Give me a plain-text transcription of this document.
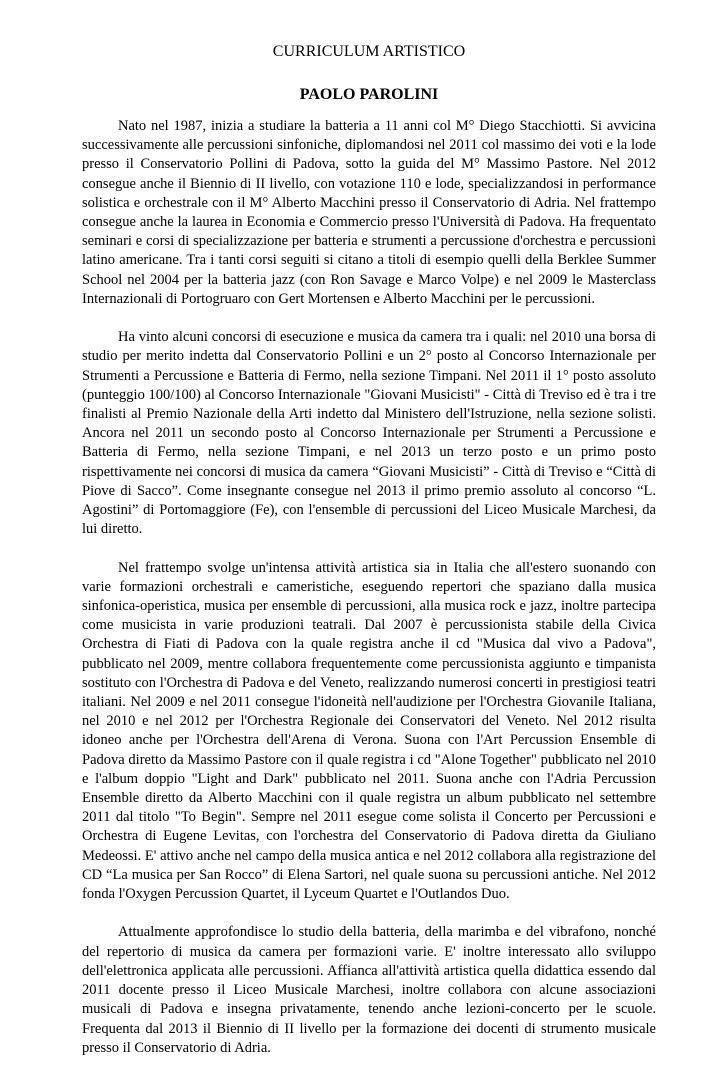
CURRICULUM ARTISTICO
PAOLO PAROLINI

Nato nel 1987, inizia a studiare la batteria a 11 anni col M° Diego Stacchiotti. Si avvicina successivamente alle percussioni sinfoniche, diplomandosi nel 2011 col massimo dei voti e la lode presso il Conservatorio Pollini di Padova, sotto la guida del M° Massimo Pastore. Nel 2012 consegue anche il Biennio di II livello, con votazione 110 e lode, specializzandosi in performance solistica e orchestrale con il M° Alberto Macchini presso il Conservatorio di Adria. Nel frattempo consegue anche la laurea in Economia e Commercio presso l'Università di Padova. Ha frequentato seminari e corsi di specializzazione per batteria e strumenti a percussione d'orchestra e percussioni latino americane. Tra i tanti corsi seguiti si citano a titoli di esempio quelli della Berklee Summer School nel 2004 per la batteria jazz (con Ron Savage e Marco Volpe) e nel 2009 le Masterclass Internazionali di Portogruaro con Gert Mortensen e Alberto Macchini per le percussioni.

Ha vinto alcuni concorsi di esecuzione e musica da camera tra i quali: nel 2010 una borsa di studio per merito indetta dal Conservatorio Pollini e un 2° posto al Concorso Internazionale per Strumenti a Percussione e Batteria di Fermo, nella sezione Timpani. Nel 2011 il 1° posto assoluto (punteggio 100/100) al Concorso Internazionale "Giovani Musicisti" - Città di Treviso ed è tra i tre finalisti al Premio Nazionale della Arti indetto dal Ministero dell'Istruzione, nella sezione solisti. Ancora nel 2011 un secondo posto al Concorso Internazionale per Strumenti a Percussione e Batteria di Fermo, nella sezione Timpani, e nel 2013 un terzo posto e un primo posto rispettivamente nei concorsi di musica da camera “Giovani Musicisti” - Città di Treviso e “Città di Piove di Sacco”. Come insegnante consegue nel 2013 il primo premio assoluto al concorso “L. Agostini” di Portomaggiore (Fe), con l'ensemble di percussioni del Liceo Musicale Marchesi, da lui diretto.

Nel frattempo svolge un'intensa attività artistica sia in Italia che all'estero suonando con varie formazioni orchestrali e cameristiche, eseguendo repertori che spaziano dalla musica sinfonica-operistica, musica per ensemble di percussioni, alla musica rock e jazz, inoltre partecipa come musicista in varie produzioni teatrali. Dal 2007 è percussionista stabile della Civica Orchestra di Fiati di Padova con la quale registra anche il cd "Musica dal vivo a Padova", pubblicato nel 2009, mentre collabora frequentemente come percussionista aggiunto e timpanista sostituto con l'Orchestra di Padova e del Veneto, realizzando numerosi concerti in prestigiosi teatri italiani. Nel 2009 e nel 2011 consegue l'idoneità nell'audizione per l'Orchestra Giovanile Italiana, nel 2010 e nel 2012 per l'Orchestra Regionale dei Conservatori del Veneto. Nel 2012 risulta idoneo anche per l'Orchestra dell'Arena di Verona. Suona con l'Art Percussion Ensemble di Padova diretto da Massimo Pastore con il quale registra i cd "Alone Together" pubblicato nel 2010 e l'album doppio "Light and Dark" pubblicato nel 2011. Suona anche con l'Adria Percussion Ensemble diretto da Alberto Macchini con il quale registra un album pubblicato nel settembre 2011 dal titolo "To Begin". Sempre nel 2011 esegue come solista il Concerto per Percussioni e Orchestra di Eugene Levitas, con l'orchestra del Conservatorio di Padova diretta da Giuliano Medeossi. E' attivo anche nel campo della musica antica e nel 2012 collabora alla registrazione del CD “La musica per San Rocco” di Elena Sartori, nel quale suona su percussioni antiche. Nel 2012 fonda l'Oxygen Percussion Quartet, il Lyceum Quartet e l'Outlandos Duo.

Attualmente approfondisce lo studio della batteria, della marimba e del vibrafono, nonché del repertorio di musica da camera per formazioni varie. E' inoltre interessato allo sviluppo dell'elettronica applicata alle percussioni. Affianca all'attività artistica quella didattica essendo dal 2011 docente presso il Liceo Musicale Marchesi, inoltre collabora con alcune associazioni musicali di Padova e insegna privatamente, tenendo anche lezioni-concerto per le scuole. Frequenta dal 2013 il Biennio di II livello per la formazione dei docenti di strumento musicale presso il Conservatorio di Adria.
